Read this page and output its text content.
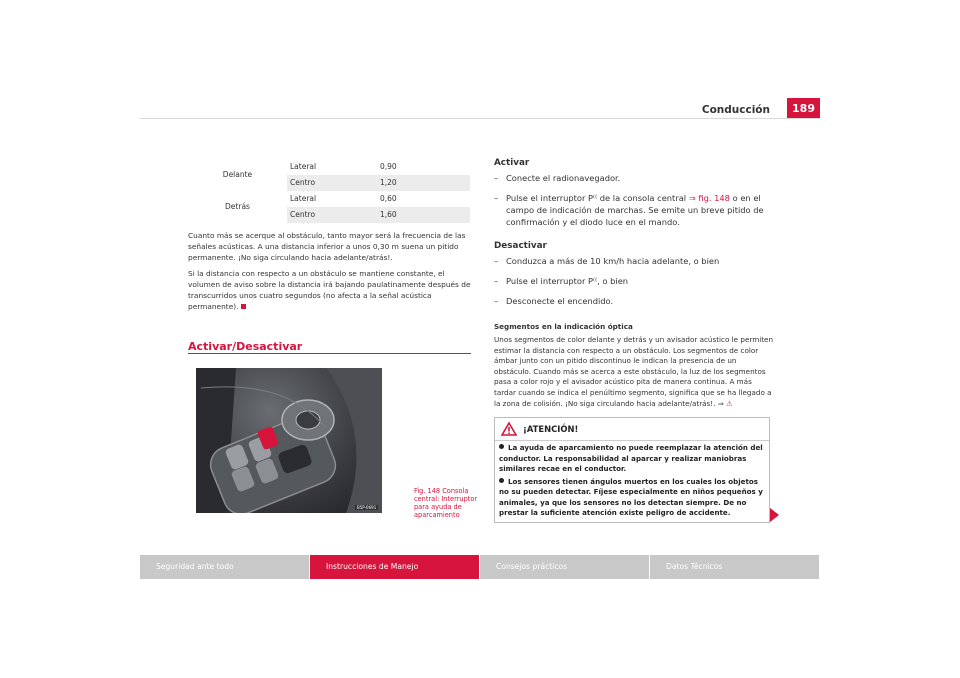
Conducción	189
Delante
Lateral	0,90
Centro	1,20
Detrás
Lateral	0,60
Centro	1,60

Cuanto más se acerque al obstáculo, tanto mayor será la frecuencia de las señales acústicas. A una distancia inferior a unos 0,30 m suena un pitido permanente. ¡No siga circulando hacia adelante/atrás!.

Si la distancia con respecto a un obstáculo se mantiene constante, el volumen de aviso sobre la distancia irá bajando paulatinamente después de transcurridos unos cuatro segundos (no afecta a la señal acústica permanente).

Activar/Desactivar
B5P-0691
Fig. 148 Consola central: Interruptor para ayuda de aparcamiento
Activar
– Conecte el radionavegador.
– Pulse el interruptor P⁽⁽ de la consola central ⇒ fig. 148 o en el campo de indicación de marchas. Se emite un breve pitido de confirmación y el diodo luce en el mando.
Desactivar
– Conduzca a más de 10 km/h hacia adelante, o bien
– Pulse el interruptor P⁽⁽, o bien
– Desconecte el encendido.
Segmentos en la indicación óptica

Unos segmentos de color delante y detrás y un avisador acústico le permiten estimar la distancia con respecto a un obstáculo. Los segmentos de color ámbar junto con un pitido discontinuo le indican la presencia de un obstáculo. Cuando más se acerca a este obstáculo, la luz de los segmentos pasa a color rojo y el avisador acústico pita de manera continua. A más tardar cuando se indica el penúltimo segmento, significa que se ha llegado a la zona de colisión. ¡No siga circulando hacia adelante/atrás!. ⇒ ⚠

¡ATENCIÓN!

La ayuda de aparcamiento no puede reemplazar la atención del conductor. La responsabilidad al aparcar y realizar maniobras similares recae en el conductor.

Los sensores tienen ángulos muertos en los cuales los objetos no su pueden detectar. Fíjese especialmente en niños pequeños y animales, ya que los sensores no los detectan siempre. De no prestar la suficiente atención existe peligro de accidente.

Seguridad ante todo	Instrucciones de Manejo	Consejos prácticos	Datos Técnicos
